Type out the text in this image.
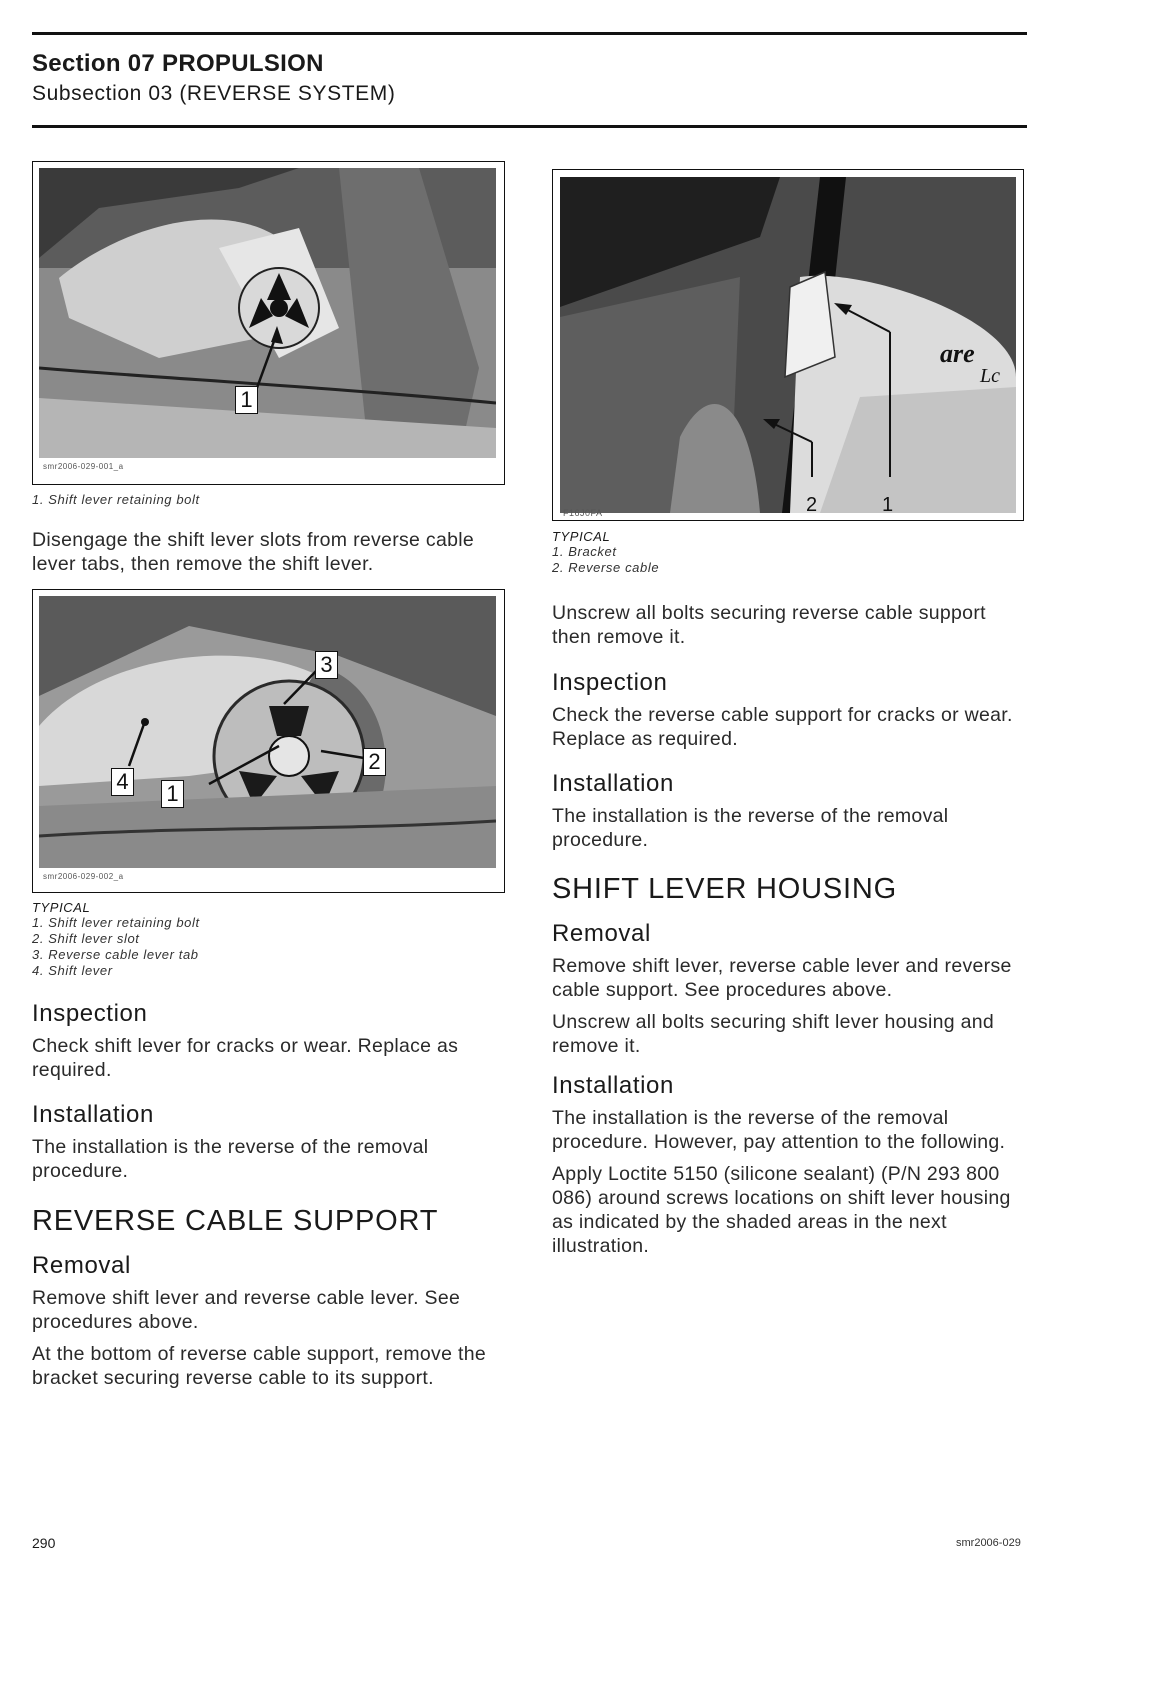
Section 07 PROPULSION
Subsection 03 (REVERSE SYSTEM)
1
smr2006-029-001_a

1. Shift lever retaining bolt

Disengage the shift lever slots from reverse cable lever tabs, then remove the shift lever.

3
2
4 1
smr2006-029-002_a

TYPICAL

1. Shift lever retaining bolt

2. Shift lever slot

3. Reverse cable lever tab

4. Shift lever

Inspection

Check shift lever for cracks or wear. Replace as required.

Installation

The installation is the reverse of the removal procedure.

REVERSE CABLE SUPPORT

Removal

Remove shift lever and reverse cable lever. See procedures above.

At the bottom of reverse cable support, remove the bracket securing reverse cable to its support.

are
Lc
F16J0FA	2	1

TYPICAL

1. Bracket

2. Reverse cable

Unscrew all bolts securing reverse cable support then remove it.

Inspection

Check the reverse cable support for cracks or wear. Replace as required.

Installation

The installation is the reverse of the removal procedure.

SHIFT LEVER HOUSING

Removal

Remove shift lever, reverse cable lever and reverse cable support. See procedures above.

Unscrew all bolts securing shift lever housing and remove it.

Installation

The installation is the reverse of the removal procedure. However, pay attention to the following.

Apply Loctite 5150 (silicone sealant) (P/N 293 800 086) around screws locations on shift lever housing as indicated by the shaded areas in the next illustration.

290	smr2006-029
